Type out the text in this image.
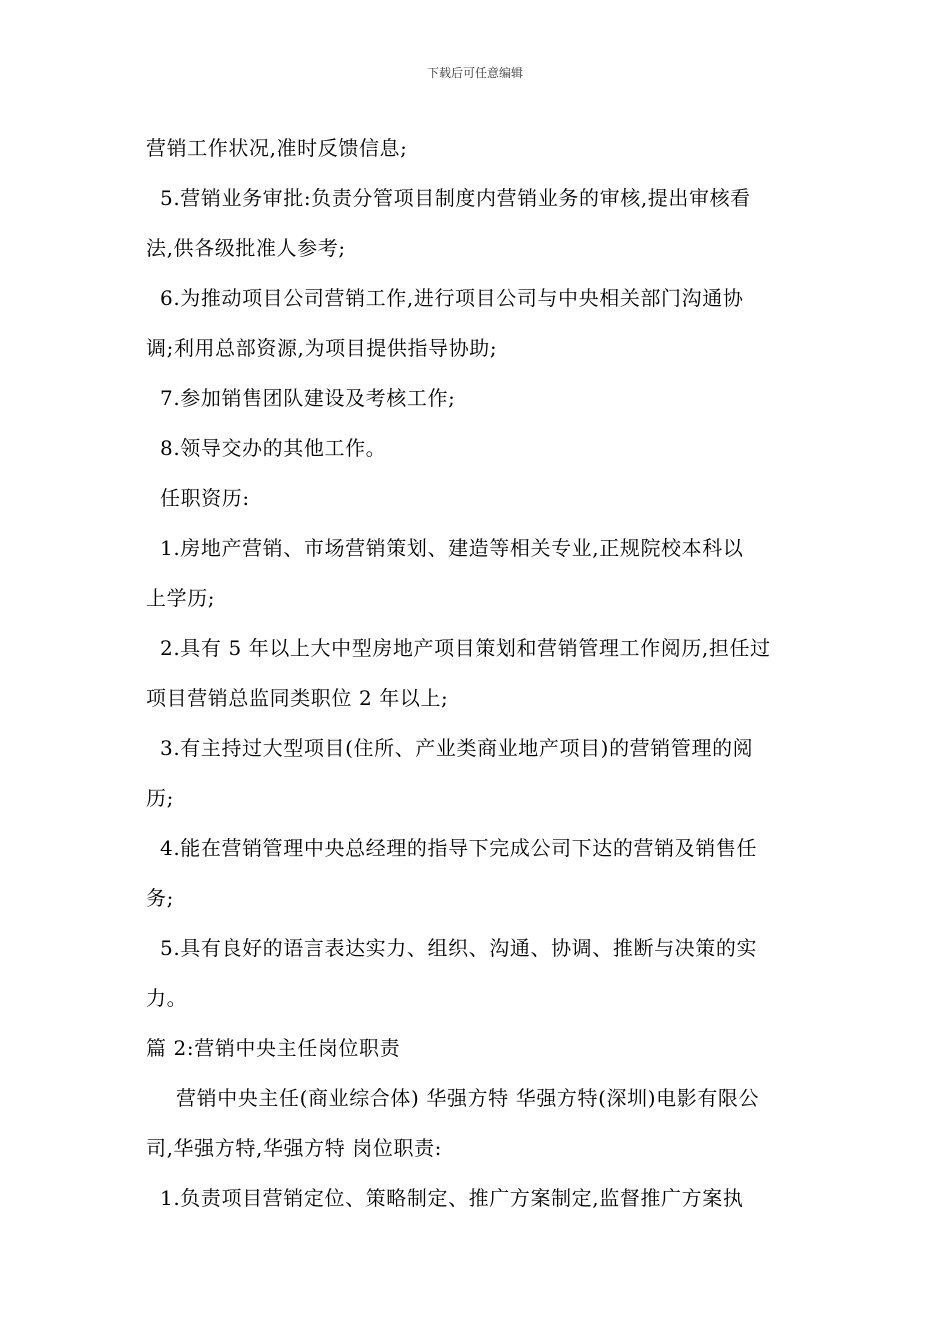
下载后可任意编辑
营销工作状况,准时反馈信息;
5.营销业务审批:负责分管项目制度内营销业务的审核,提出审核看
法,供各级批准人参考;
6.为推动项目公司营销工作,进行项目公司与中央相关部门沟通协
调;利用总部资源,为项目提供指导协助;
7.参加销售团队建设及考核工作;
8.领导交办的其他工作。
任职资历:
1.房地产营销、市场营销策划、建造等相关专业,正规院校本科以
上学历;
2.具有 5 年以上大中型房地产项目策划和营销管理工作阅历,担任过
项目营销总监同类职位 2 年以上;
3.有主持过大型项目(住所、产业类商业地产项目)的营销管理的阅
历;
4.能在营销管理中央总经理的指导下完成公司下达的营销及销售任
务;
5.具有良好的语言表达实力、组织、沟通、协调、推断与决策的实
力。
篇 2:营销中央主任岗位职责
营销中央主任(商业综合体) 华强方特 华强方特(深圳)电影有限公
司,华强方特,华强方特 岗位职责:
1.负责项目营销定位、策略制定、推广方案制定,监督推广方案执
